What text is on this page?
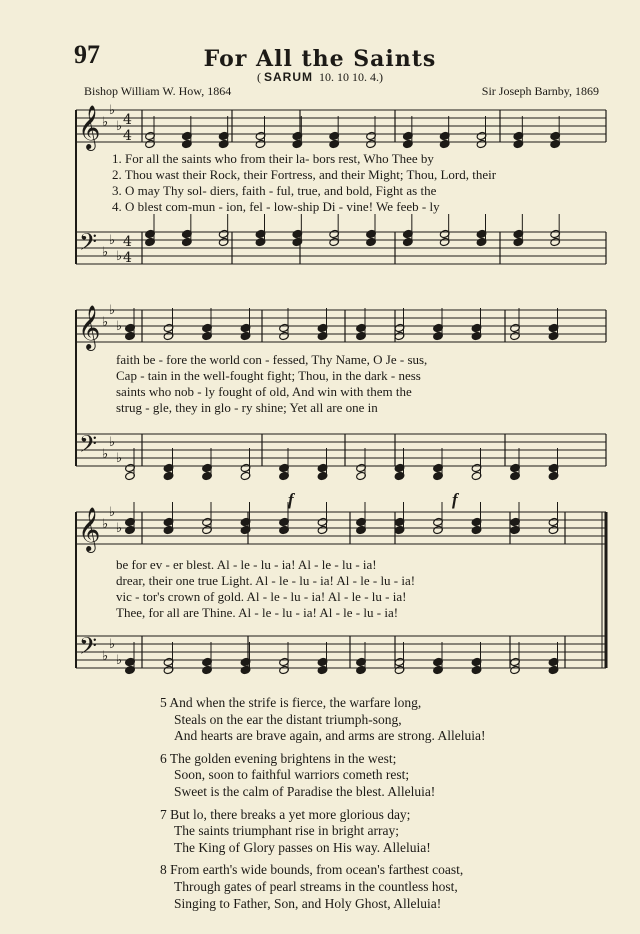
97	For All the Saints
( SARUM 10. 10 10. 4.)
Bishop William W. How, 1864	Sir Joseph Barnby, 1869
𝄞 ♭
♭
♭ 4
4
𝄢 ♭
♭
♭
4
4
𝄞 ♭
♭
♭
𝄢 ♭
♭
♭
𝄞 ♭
♭
♭
𝄢 ♭
♭
♭
1. For all the saints who from their la- bors rest, Who Thee by
2. Thou wast their Rock, their Fortress, and their Might; Thou, Lord, their
3. O may Thy sol- diers, faith - ful, true, and bold, Fight as the
4. O blest com-mun - ion, fel - low-ship Di - vine! We feeb - ly
faith be - fore the world con - fessed, Thy Name, O Je - sus,
Cap - tain in the well-fought fight; Thou, in the dark - ness
saints who nob - ly fought of old, And win with them the
strug - gle, they in glo - ry shine; Yet all are one in
be for ev - er blest. Al - le - lu - ia! Al - le - lu - ia!
drear, their one true Light. Al - le - lu - ia! Al - le - lu - ia!
vic - tor's crown of gold. Al - le - lu - ia! Al - le - lu - ia!
Thee, for all are Thine. Al - le - lu - ia! Al - le - lu - ia!
f	f
5 And when the strife is fierce, the warfare long,
Steals on the ear the distant triumph-song,
And hearts are brave again, and arms are strong. Alleluia!
6 The golden evening brightens in the west;
Soon, soon to faithful warriors cometh rest;
Sweet is the calm of Paradise the blest. Alleluia!
7 But lo, there breaks a yet more glorious day;
The saints triumphant rise in bright array;
The King of Glory passes on His way. Alleluia!
8 From earth's wide bounds, from ocean's farthest coast,
Through gates of pearl streams in the countless host,
Singing to Father, Son, and Holy Ghost, Alleluia!
